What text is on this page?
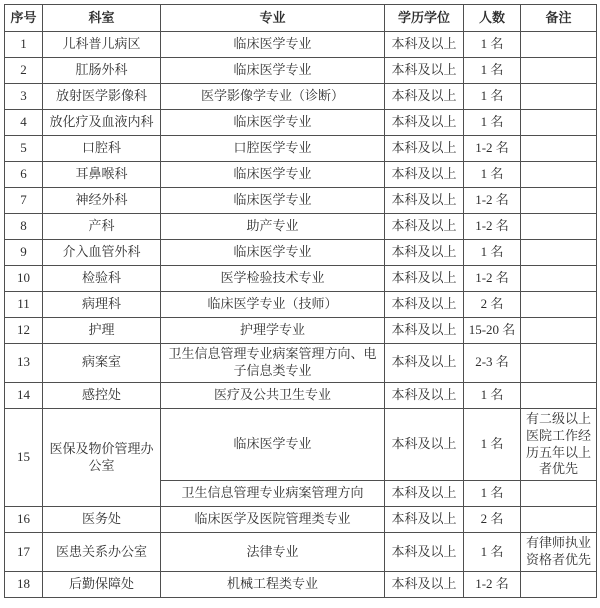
序号	科室	专业	学历学位	人数	备注
1	儿科普儿病区	临床医学专业	本科及以上	1 名	
2	肛肠外科	临床医学专业	本科及以上	1 名	
3	放射医学影像科	医学影像学专业（诊断）	本科及以上	1 名	
4	放化疗及血液内科	临床医学专业	本科及以上	1 名	
5	口腔科	口腔医学专业	本科及以上	1-2 名	
6	耳鼻喉科	临床医学专业	本科及以上	1 名	
7	神经外科	临床医学专业	本科及以上	1-2 名	
8	产科	助产专业	本科及以上	1-2 名	
9	介入血管外科	临床医学专业	本科及以上	1 名	
10	检验科	医学检验技术专业	本科及以上	1-2 名	
11	病理科	临床医学专业（技师）	本科及以上	2 名	
12	护理	护理学专业	本科及以上	15-20 名	
13	病案室	卫生信息管理专业病案管理方向、电子信息类专业	本科及以上	2-3 名	
14	感控处	医疗及公共卫生专业	本科及以上	1 名	
15	医保及物价管理办公室	临床医学专业	本科及以上	1 名	有二级以上医院工作经历五年以上者优先
		卫生信息管理专业病案管理方向	本科及以上	1 名	
16	医务处	临床医学及医院管理类专业	本科及以上	2 名	
17	医患关系办公室	法律专业	本科及以上	1 名	有律师执业资格者优先
18	后勤保障处	机械工程类专业	本科及以上	1-2 名	
